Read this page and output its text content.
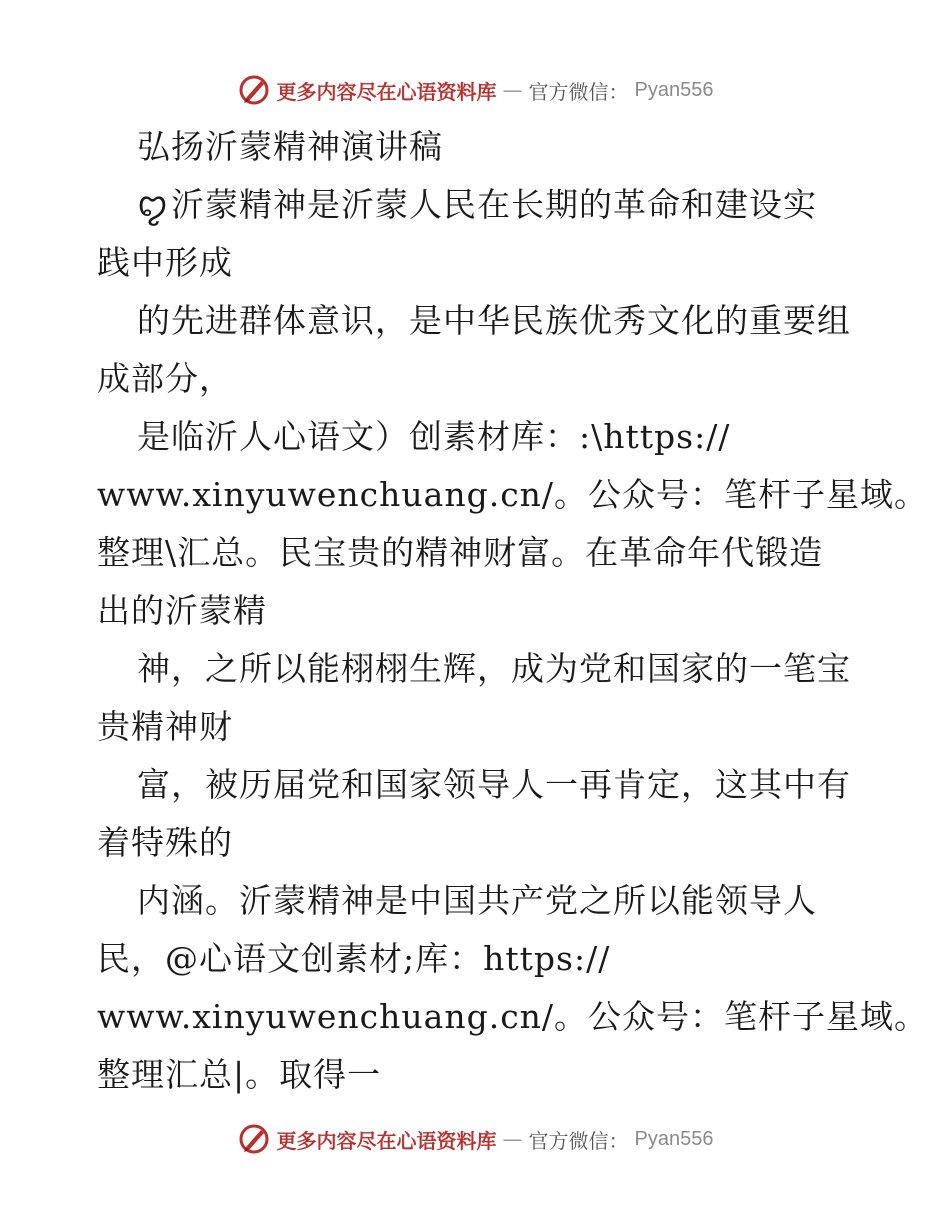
更多内容尽在心语资料库 — 官方微信： Pyan556
弘扬沂蒙精神演讲稿
ꨄ沂蒙精神是沂蒙人民在长期的革命和建设实
践中形成
的先进群体意识，是中华民族优秀文化的重要组
成部分，
是临沂人心语文）创素材库：:\https://
www.xinyuwenchuang.cn/。公众号：笔杆子星域。
整理\汇总。民宝贵的精神财富。在革命年代锻造
出的沂蒙精
神，之所以能栩栩生辉，成为党和国家的一笔宝
贵精神财
富，被历届党和国家领导人一再肯定，这其中有
着特殊的
内涵。沂蒙精神是中国共产党之所以能领导人
民，@心语文创素材;库：https://
www.xinyuwenchuang.cn/。公众号：笔杆子星域。
整理汇总|。取得一
更多内容尽在心语资料库 — 官方微信： Pyan556
